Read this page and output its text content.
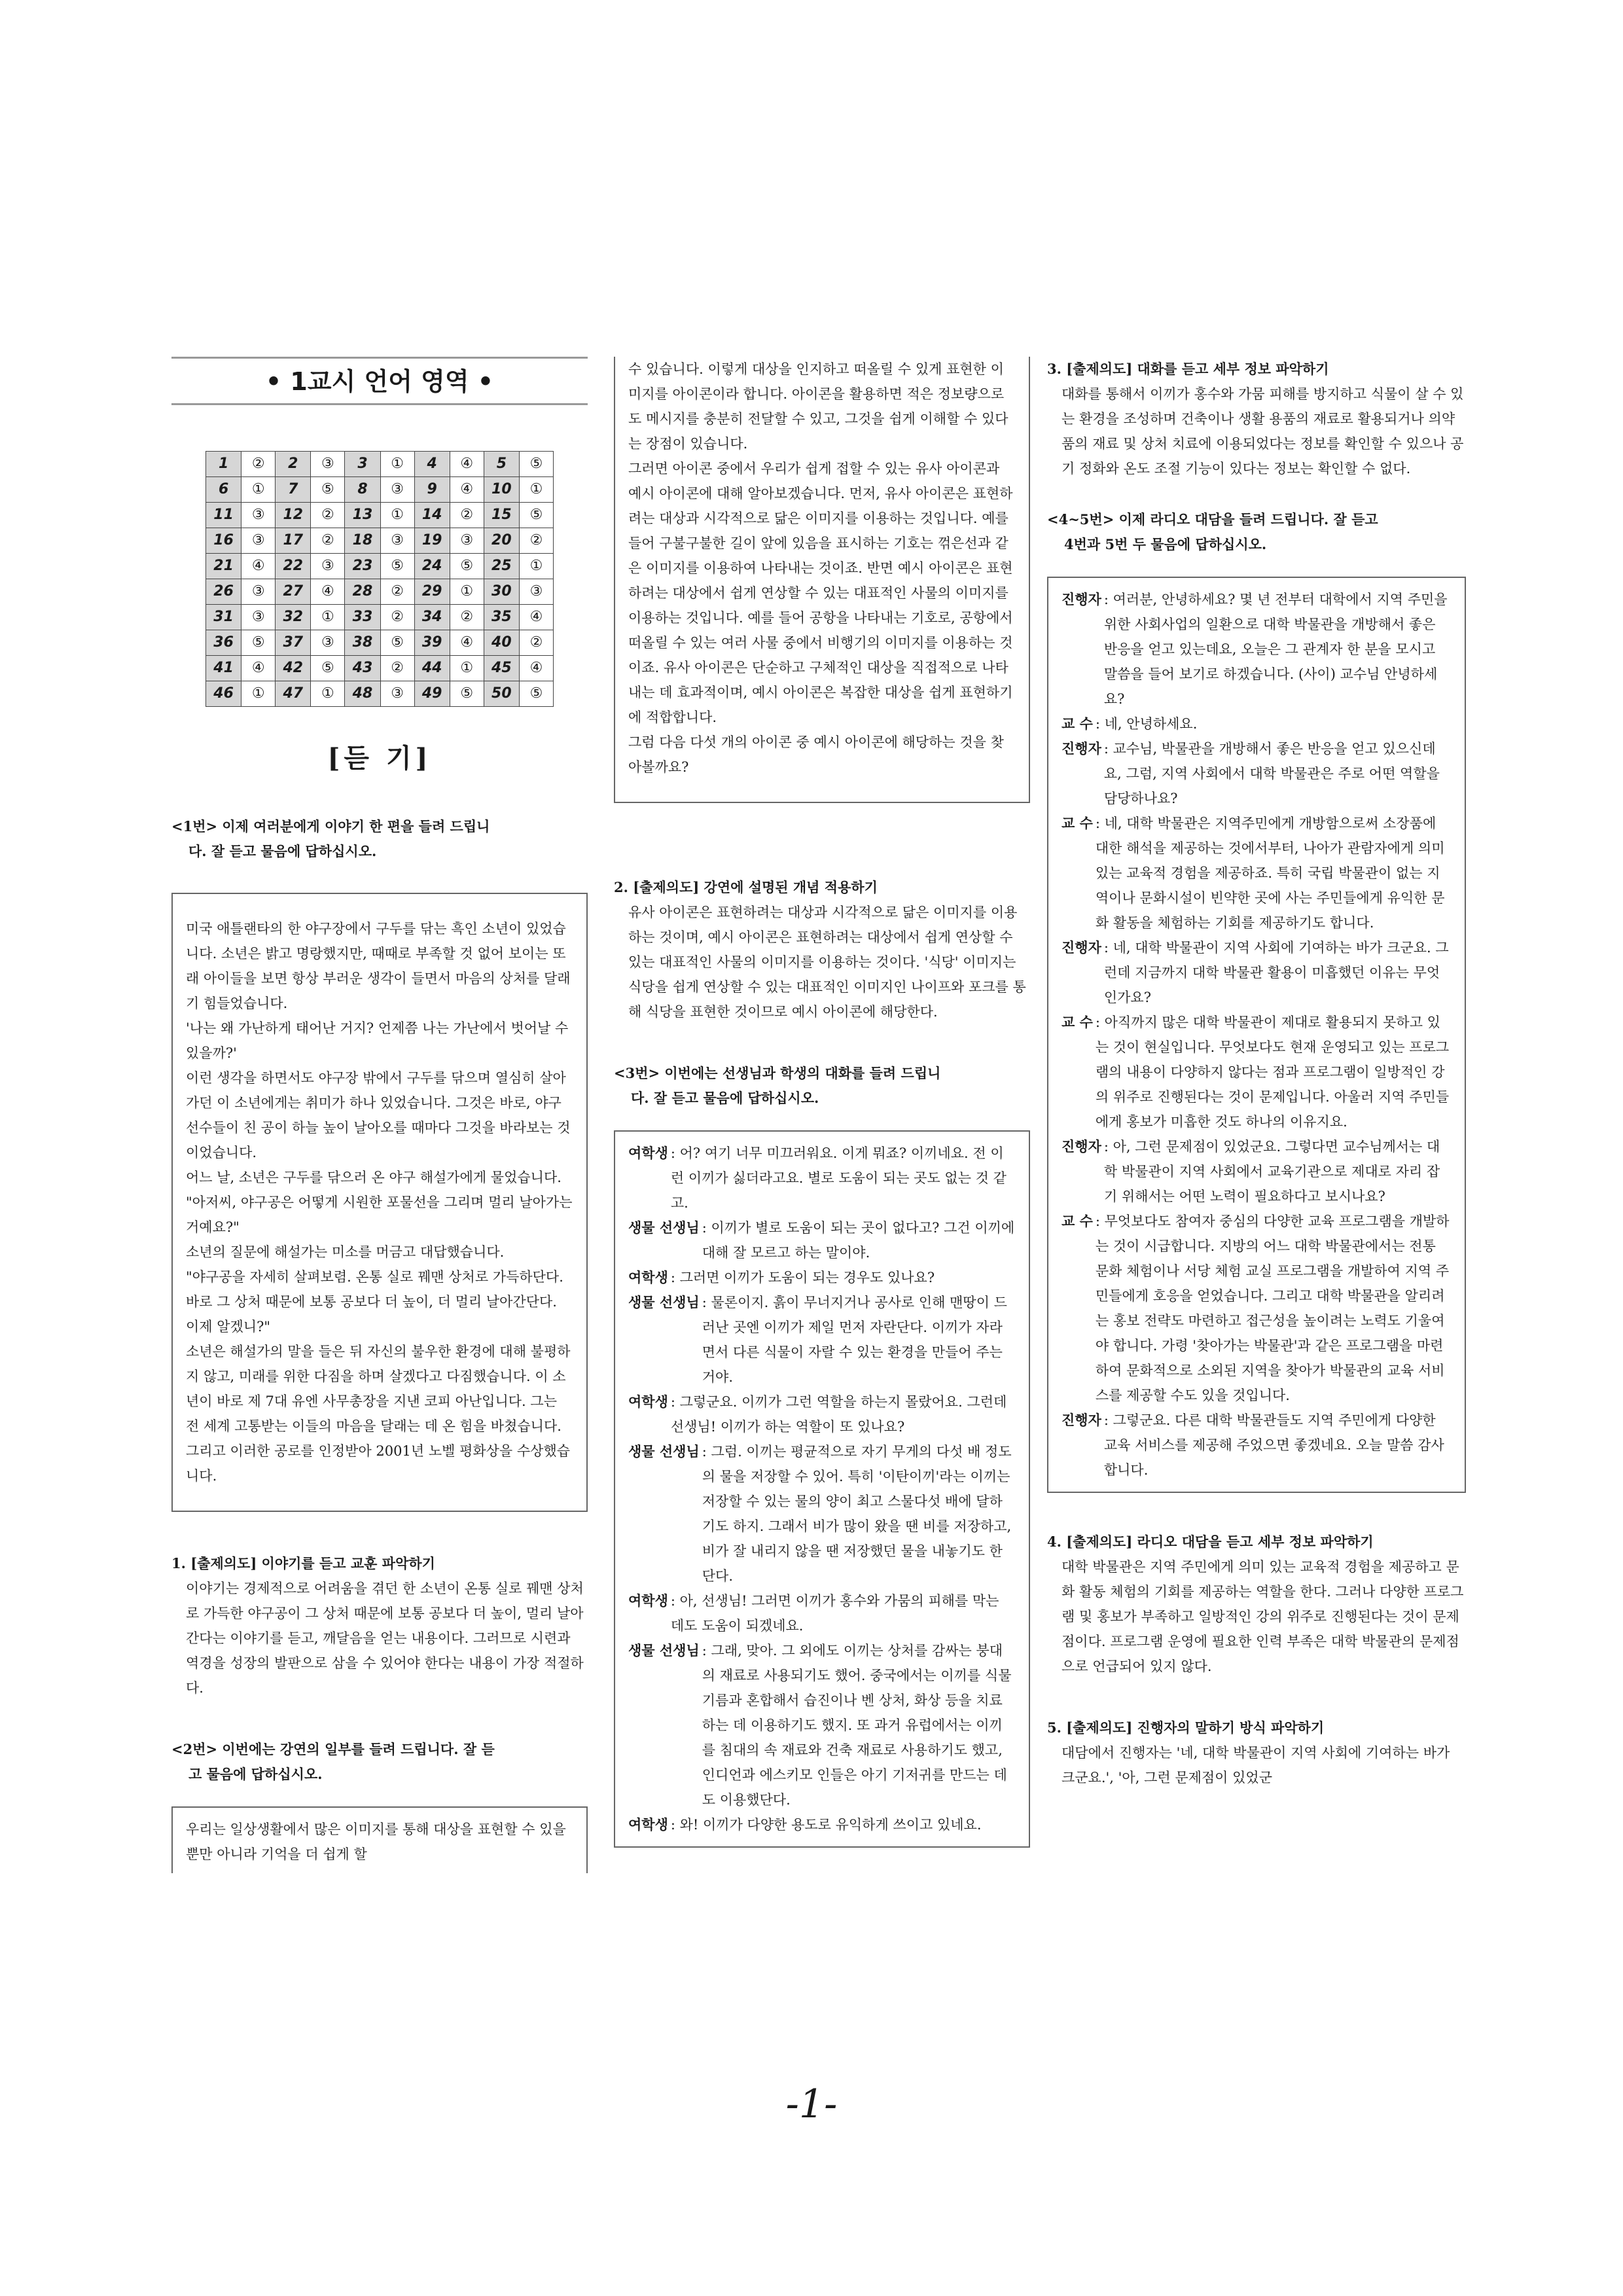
• 1교시 언어 영역 •
1	②	2	③	3	①	4	④	5	⑤
6	①	7	⑤	8	③	9	④	10	①
11	③	12	②	13	①	14	②	15	⑤
16	③	17	②	18	③	19	③	20	②
21	④	22	③	23	⑤	24	⑤	25	①
26	③	27	④	28	②	29	①	30	③
31	③	32	①	33	②	34	②	35	④
36	⑤	37	③	38	⑤	39	④	40	②
41	④	42	⑤	43	②	44	①	45	④
46	①	47	①	48	③	49	⑤	50	⑤
[듣 기]
<1번> 이제 여러분에게 이야기 한 편을 들려 드립니
다. 잘 듣고 물음에 답하십시오.

미국 애틀랜타의 한 야구장에서 구두를 닦는 흑인 소년이 있었습니다. 소년은 밝고 명랑했지만, 때때로 부족할 것 없어 보이는 또래 아이들을 보면 항상 부러운 생각이 들면서 마음의 상처를 달래기 힘들었습니다.

'나는 왜 가난하게 태어난 거지? 언제쯤 나는 가난에서 벗어날 수 있을까?'

이런 생각을 하면서도 야구장 밖에서 구두를 닦으며 열심히 살아가던 이 소년에게는 취미가 하나 있었습니다. 그것은 바로, 야구 선수들이 친 공이 하늘 높이 날아오를 때마다 그것을 바라보는 것이었습니다.

어느 날, 소년은 구두를 닦으러 온 야구 해설가에게 물었습니다.

"아저씨, 야구공은 어떻게 시원한 포물선을 그리며 멀리 날아가는 거예요?"

소년의 질문에 해설가는 미소를 머금고 대답했습니다.

"야구공을 자세히 살펴보렴. 온통 실로 꿰맨 상처로 가득하단다. 바로 그 상처 때문에 보통 공보다 더 높이, 더 멀리 날아간단다. 이제 알겠니?"

소년은 해설가의 말을 들은 뒤 자신의 불우한 환경에 대해 불평하지 않고, 미래를 위한 다짐을 하며 살겠다고 다짐했습니다. 이 소년이 바로 제 7대 유엔 사무총장을 지낸 코피 아난입니다. 그는 전 세계 고통받는 이들의 마음을 달래는 데 온 힘을 바쳤습니다. 그리고 이러한 공로를 인정받아 2001년 노벨 평화상을 수상했습니다.

1. [출제의도] 이야기를 듣고 교훈 파악하기
이야기는 경제적으로 어려움을 겪던 한 소년이 온통 실로 꿰맨 상처로 가득한 야구공이 그 상처 때문에 보통 공보다 더 높이, 멀리 날아간다는 이야기를 듣고, 깨달음을 얻는 내용이다. 그러므로 시련과 역경을 성장의 발판으로 삼을 수 있어야 한다는 내용이 가장 적절하다.
<2번> 이번에는 강연의 일부를 들려 드립니다. 잘 듣
고 물음에 답하십시오.

우리는 일상생활에서 많은 이미지를 통해 대상을 표현할 수 있을 뿐만 아니라 기억을 더 쉽게 할

수 있습니다. 이렇게 대상을 인지하고 떠올릴 수 있게 표현한 이미지를 아이콘이라 합니다. 아이콘을 활용하면 적은 정보량으로도 메시지를 충분히 전달할 수 있고, 그것을 쉽게 이해할 수 있다는 장점이 있습니다.

그러면 아이콘 중에서 우리가 쉽게 접할 수 있는 유사 아이콘과 예시 아이콘에 대해 알아보겠습니다. 먼저, 유사 아이콘은 표현하려는 대상과 시각적으로 닮은 이미지를 이용하는 것입니다. 예를 들어 구불구불한 길이 앞에 있음을 표시하는 기호는 꺾은선과 같은 이미지를 이용하여 나타내는 것이죠. 반면 예시 아이콘은 표현하려는 대상에서 쉽게 연상할 수 있는 대표적인 사물의 이미지를 이용하는 것입니다. 예를 들어 공항을 나타내는 기호로, 공항에서 떠올릴 수 있는 여러 사물 중에서 비행기의 이미지를 이용하는 것이죠. 유사 아이콘은 단순하고 구체적인 대상을 직접적으로 나타내는 데 효과적이며, 예시 아이콘은 복잡한 대상을 쉽게 표현하기에 적합합니다.

그럼 다음 다섯 개의 아이콘 중 예시 아이콘에 해당하는 것을 찾아볼까요?

2. [출제의도] 강연에 설명된 개념 적용하기
유사 아이콘은 표현하려는 대상과 시각적으로 닮은 이미지를 이용하는 것이며, 예시 아이콘은 표현하려는 대상에서 쉽게 연상할 수 있는 대표적인 사물의 이미지를 이용하는 것이다. '식당' 이미지는 식당을 쉽게 연상할 수 있는 대표적인 이미지인 나이프와 포크를 통해 식당을 표현한 것이므로 예시 아이콘에 해당한다.
<3번> 이번에는 선생님과 학생의 대화를 들려 드립니
다. 잘 듣고 물음에 답하십시오.
여학생 : 어? 여기 너무 미끄러워요. 이게 뭐죠? 이끼네요. 전 이런 이끼가 싫더라고요. 별로 도움이 되는 곳도 없는 것 같고.
생물 선생님 : 이끼가 별로 도움이 되는 곳이 없다고? 그건 이끼에 대해 잘 모르고 하는 말이야.
여학생 : 그러면 이끼가 도움이 되는 경우도 있나요?
생물 선생님 : 물론이지. 흙이 무너지거나 공사로 인해 맨땅이 드러난 곳엔 이끼가 제일 먼저 자란단다. 이끼가 자라면서 다른 식물이 자랄 수 있는 환경을 만들어 주는 거야.
여학생 : 그렇군요. 이끼가 그런 역할을 하는지 몰랐어요. 그런데 선생님! 이끼가 하는 역할이 또 있나요?
생물 선생님 : 그럼. 이끼는 평균적으로 자기 무게의 다섯 배 정도의 물을 저장할 수 있어. 특히 '이탄이끼'라는 이끼는 저장할 수 있는 물의 양이 최고 스물다섯 배에 달하기도 하지. 그래서 비가 많이 왔을 땐 비를 저장하고, 비가 잘 내리지 않을 땐 저장했던 물을 내놓기도 한단다.
여학생 : 아, 선생님! 그러면 이끼가 홍수와 가뭄의 피해를 막는 데도 도움이 되겠네요.
생물 선생님 : 그래, 맞아. 그 외에도 이끼는 상처를 감싸는 붕대의 재료로 사용되기도 했어. 중국에서는 이끼를 식물기름과 혼합해서 습진이나 벤 상처, 화상 등을 치료하는 데 이용하기도 했지. 또 과거 유럽에서는 이끼를 침대의 속 재료와 건축 재료로 사용하기도 했고, 인디언과 에스키모 인들은 아기 기저귀를 만드는 데도 이용했단다.
여학생 : 와! 이끼가 다양한 용도로 유익하게 쓰이고 있네요.
3. [출제의도] 대화를 듣고 세부 정보 파악하기
대화를 통해서 이끼가 홍수와 가뭄 피해를 방지하고 식물이 살 수 있는 환경을 조성하며 건축이나 생활 용품의 재료로 활용되거나 의약품의 재료 및 상처 치료에 이용되었다는 정보를 확인할 수 있으나 공기 정화와 온도 조절 기능이 있다는 정보는 확인할 수 없다.
<4~5번> 이제 라디오 대담을 들려 드립니다. 잘 듣고
4번과 5번 두 물음에 답하십시오.
진행자 : 여러분, 안녕하세요? 몇 년 전부터 대학에서 지역 주민을 위한 사회사업의 일환으로 대학 박물관을 개방해서 좋은 반응을 얻고 있는데요, 오늘은 그 관계자 한 분을 모시고 말씀을 들어 보기로 하겠습니다. (사이) 교수님 안녕하세요?
교 수 : 네, 안녕하세요.
진행자 : 교수님, 박물관을 개방해서 좋은 반응을 얻고 있으신데요, 그럼, 지역 사회에서 대학 박물관은 주로 어떤 역할을 담당하나요?
교 수 : 네, 대학 박물관은 지역주민에게 개방함으로써 소장품에 대한 해석을 제공하는 것에서부터, 나아가 관람자에게 의미 있는 교육적 경험을 제공하죠. 특히 국립 박물관이 없는 지역이나 문화시설이 빈약한 곳에 사는 주민들에게 유익한 문화 활동을 체험하는 기회를 제공하기도 합니다.
진행자 : 네, 대학 박물관이 지역 사회에 기여하는 바가 크군요. 그런데 지금까지 대학 박물관 활용이 미흡했던 이유는 무엇인가요?
교 수 : 아직까지 많은 대학 박물관이 제대로 활용되지 못하고 있는 것이 현실입니다. 무엇보다도 현재 운영되고 있는 프로그램의 내용이 다양하지 않다는 점과 프로그램이 일방적인 강의 위주로 진행된다는 것이 문제입니다. 아울러 지역 주민들에게 홍보가 미흡한 것도 하나의 이유지요.
진행자 : 아, 그런 문제점이 있었군요. 그렇다면 교수님께서는 대학 박물관이 지역 사회에서 교육기관으로 제대로 자리 잡기 위해서는 어떤 노력이 필요하다고 보시나요?
교 수 : 무엇보다도 참여자 중심의 다양한 교육 프로그램을 개발하는 것이 시급합니다. 지방의 어느 대학 박물관에서는 전통 문화 체험이나 서당 체험 교실 프로그램을 개발하여 지역 주민들에게 호응을 얻었습니다. 그리고 대학 박물관을 알리려는 홍보 전략도 마련하고 접근성을 높이려는 노력도 기울여야 합니다. 가령 '찾아가는 박물관'과 같은 프로그램을 마련하여 문화적으로 소외된 지역을 찾아가 박물관의 교육 서비스를 제공할 수도 있을 것입니다.
진행자 : 그렇군요. 다른 대학 박물관들도 지역 주민에게 다양한 교육 서비스를 제공해 주었으면 좋겠네요. 오늘 말씀 감사합니다.
4. [출제의도] 라디오 대담을 듣고 세부 정보 파악하기
대학 박물관은 지역 주민에게 의미 있는 교육적 경험을 제공하고 문화 활동 체험의 기회를 제공하는 역할을 한다. 그러나 다양한 프로그램 및 홍보가 부족하고 일방적인 강의 위주로 진행된다는 것이 문제점이다. 프로그램 운영에 필요한 인력 부족은 대학 박물관의 문제점으로 언급되어 있지 않다.
5. [출제의도] 진행자의 말하기 방식 파악하기
대담에서 진행자는 '네, 대학 박물관이 지역 사회에 기여하는 바가 크군요.', '아, 그런 문제점이 있었군
-1-
